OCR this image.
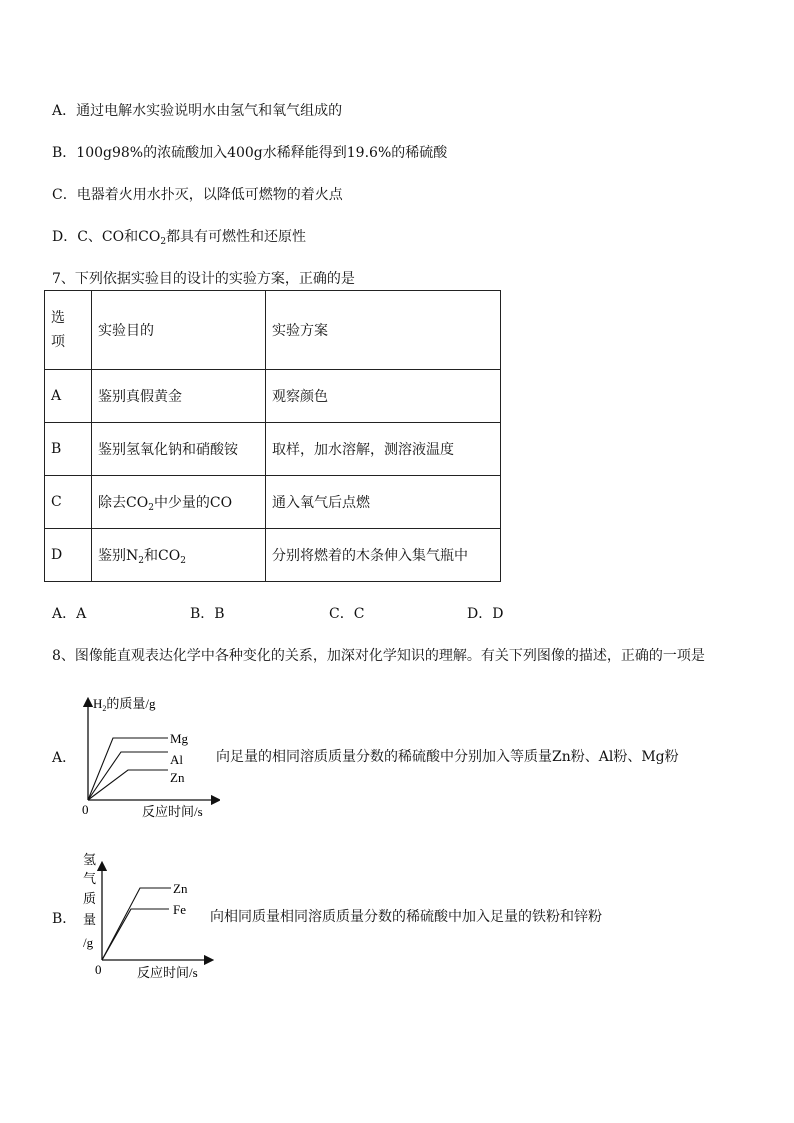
A．通过电解水实验说明水由氢气和氧气组成的
B．100g98%的浓硫酸加入400g水稀释能得到19.6%的稀硫酸
C．电器着火用水扑灭，以降低可燃物的着火点
D．C、CO和$CO_2$都具有可燃性和还原性
7、下列依据实验目的设计的实验方案，正确的是
选
项	实验目的	实验方案
A	鉴别真假黄金	观察颜色
B	鉴别氢氧化钠和硝酸铵	取样，加水溶解，测溶液温度
C	除去$CO_2$中少量的CO	通入氧气后点燃
D	鉴别$N_2$和$CO_2$	分别将燃着的木条伸入集气瓶中
A．A	B．B	C．C	D．D
8、图像能直观表达化学中各种变化的关系，加深对化学知识的理解。有关下列图像的描述，正确的一项是
A．
$H_2$的质量/g
Mg
Al
Zn
0	反应时间/s
向足量的相同溶质质量分数的稀硫酸中分别加入等质量Zn粉、Al粉、Mg粉
B．
氢
气
质
量
/g
Zn
Fe
0	反应时间/s
向相同质量相同溶质质量分数的稀硫酸中加入足量的铁粉和锌粉
